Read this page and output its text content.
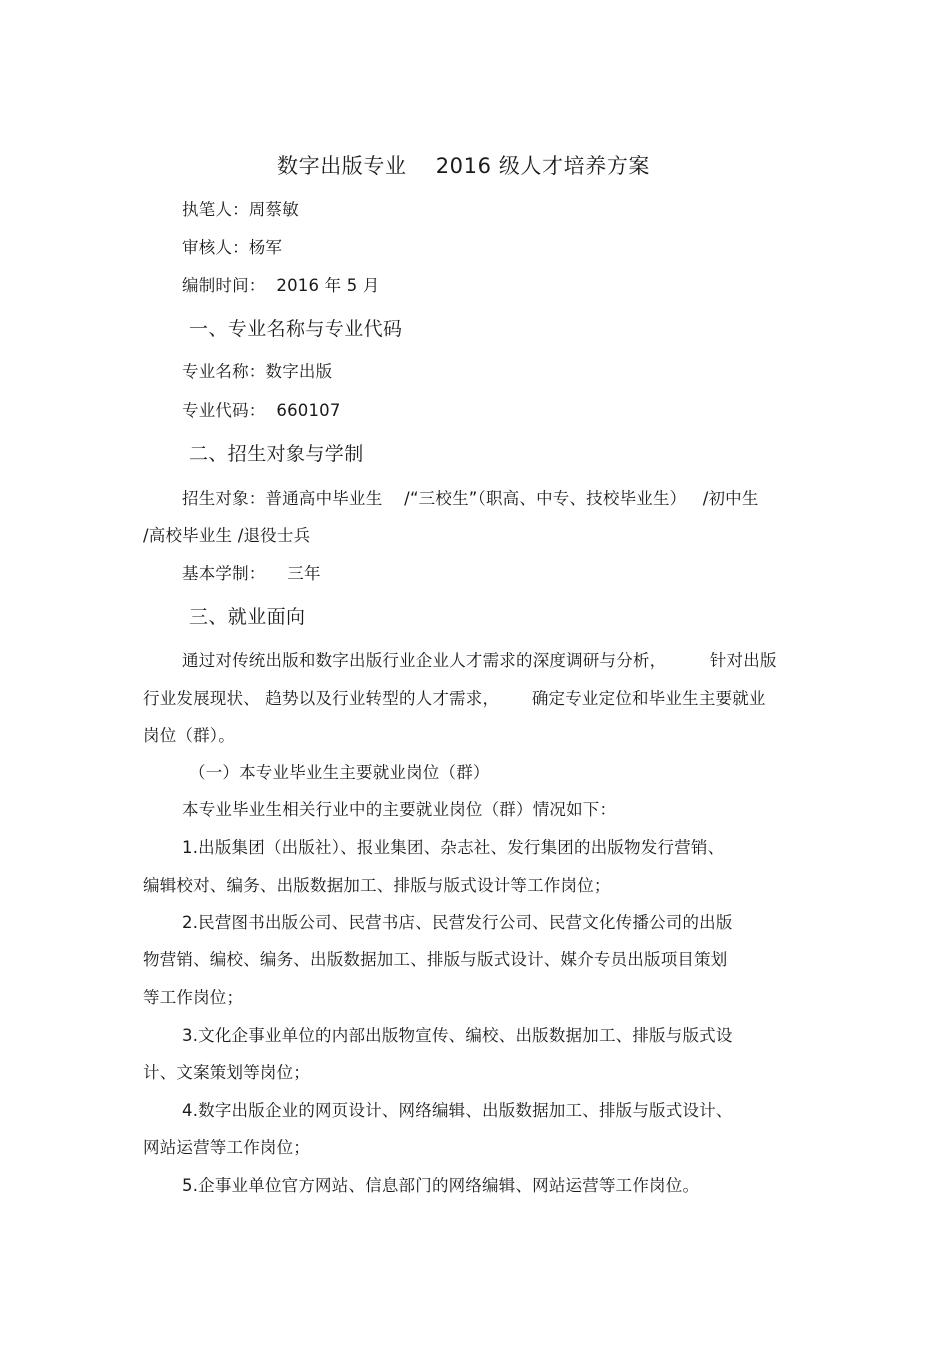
数字出版专业    2016 级人才培养方案
执笔人：周蔡敏
审核人：杨军
编制时间：  2016 年 5 月
一、专业名称与专业代码
专业名称：数字出版
专业代码：  660107
二、招生对象与学制
招生对象：普通高中毕业生    /“三校生”（职高、中专、技校毕业生）   /初中生
/高校毕业生 /退役士兵
基本学制：    三年
三、就业面向
通过对传统出版和数字出版行业企业人才需求的深度调研与分析，        针对出版
行业发展现状、 趋势以及行业转型的人才需求，      确定专业定位和毕业生主要就业
岗位（群）。
（一）本专业毕业生主要就业岗位（群）
本专业毕业生相关行业中的主要就业岗位（群）情况如下：
1.出版集团（出版社）、报业集团、杂志社、发行集团的出版物发行营销、
编辑校对、编务、出版数据加工、排版与版式设计等工作岗位；
2.民营图书出版公司、民营书店、民营发行公司、民营文化传播公司的出版
物营销、编校、编务、出版数据加工、排版与版式设计、媒介专员出版项目策划
等工作岗位；
3.文化企事业单位的内部出版物宣传、编校、出版数据加工、排版与版式设
计、文案策划等岗位；
4.数字出版企业的网页设计、网络编辑、出版数据加工、排版与版式设计、
网站运营等工作岗位；
5.企事业单位官方网站、信息部门的网络编辑、网站运营等工作岗位。
